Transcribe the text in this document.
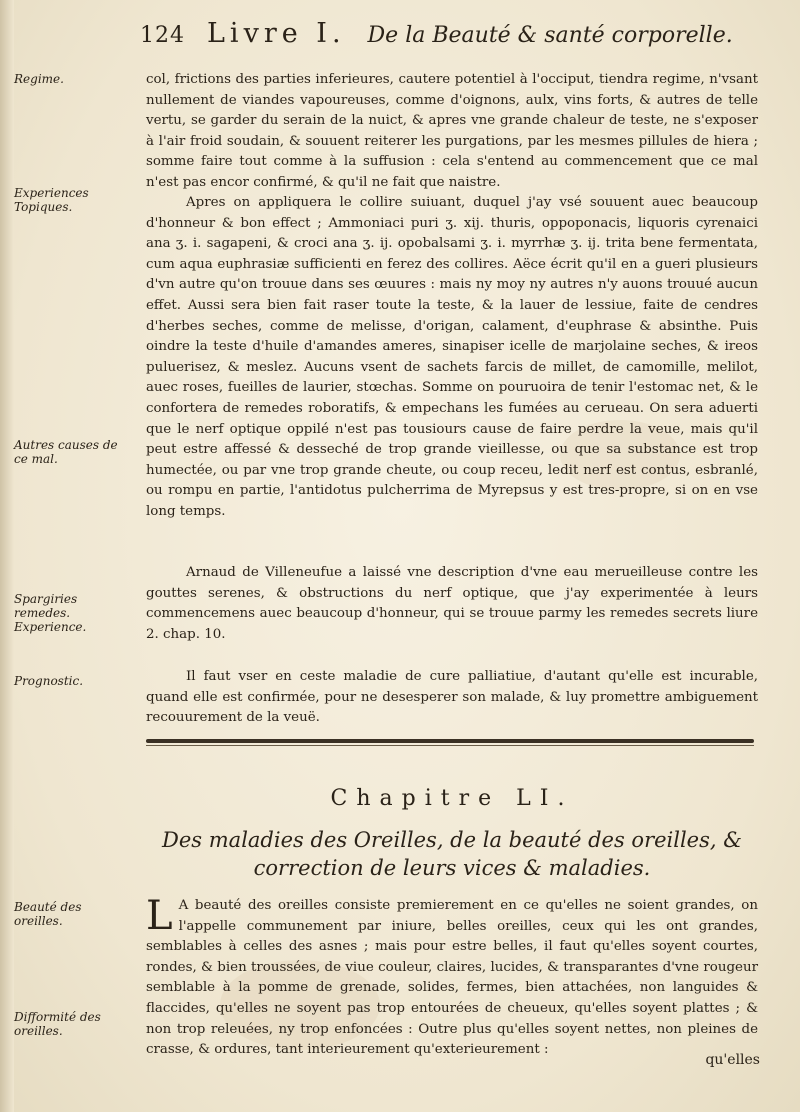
124 Livre I. De la Beauté & santé corporelle.
Regime.
Experiences Topiques.
Autres causes de ce mal.
Spargiries remedes. Experience.
Prognostic.
Beauté des oreilles.
Difformité des oreilles.
col, frictions des parties inferieures, cautere potentiel à l'occiput, tiendra regime, n'vsant nullement de viandes vapoureuses, comme d'oignons, aulx, vins forts, & autres de telle vertu, se garder du serain de la nuict, & apres vne grande chaleur de teste, ne s'exposer à l'air froid soudain, & souuent reiterer les purgations, par les mesmes pillules de hiera ; somme faire tout comme à la suffusion : cela s'entend au commencement que ce mal n'est pas encor confirmé, & qu'il ne fait que naistre.
Apres on appliquera le collire suiuant, duquel j'ay vsé souuent auec beaucoup d'honneur & bon effect ; Ammoniaci puri ʒ. xij. thuris, oppoponacis, liquoris cyrenaici ana ʒ. i. sagapeni, & croci ana ʒ. ij. opobalsami ʒ. i. myrrhæ ʒ. ij. trita bene fermentata, cum aqua euphrasiæ sufficienti en ferez des collires. Aëce écrit qu'il en a gueri plusieurs d'vn autre qu'on trouue dans ses œuures : mais ny moy ny autres n'y auons trouué aucun effet. Aussi sera bien fait raser toute la teste, & la lauer de lessiue, faite de cendres d'herbes seches, comme de melisse, d'origan, calament, d'euphrase & absinthe. Puis oindre la teste d'huile d'amandes ameres, sinapiser icelle de marjolaine seches, & ireos puluerisez, & meslez. Aucuns vsent de sachets farcis de millet, de camomille, melilot, auec roses, fueilles de laurier, stœchas. Somme on pouruoira de tenir l'estomac net, & le confortera de remedes roboratifs, & empechans les fumées au cerueau. On sera aduerti que le nerf optique oppilé n'est pas tousiours cause de faire perdre la veue, mais qu'il peut estre affessé & desseché de trop grande vieillesse, ou que sa substance est trop humectée, ou par vne trop grande cheute, ou coup receu, ledit nerf est contus, esbranlé, ou rompu en partie, l'antidotus pulcherrima de Myrepsus y est tres-propre, si on en vse long temps.
Arnaud de Villeneufue a laissé vne description d'vne eau merueilleuse contre les gouttes serenes, & obstructions du nerf optique, que j'ay experimentée à leurs commencemens auec beaucoup d'honneur, qui se trouue parmy les remedes secrets liure 2. chap. 10.
Il faut vser en ceste maladie de cure palliatiue, d'autant qu'elle est incurable, quand elle est confirmée, pour ne desesperer son malade, & luy promettre ambiguement recouurement de la veuë.
Chapitre LI.
Des maladies des Oreilles, de la beauté des oreilles, & correction de leurs vices & maladies.
L A beauté des oreilles consiste premierement en ce qu'elles ne soient grandes, on l'appelle communement par iniure, belles oreilles, ceux qui les ont grandes, semblables à celles des asnes ; mais pour estre belles, il faut qu'elles soyent courtes, rondes, & bien troussées, de viue couleur, claires, lucides, & transparantes d'vne rougeur semblable à la pomme de grenade, solides, fermes, bien attachées, non languides & flaccides, qu'elles ne soyent pas trop entourées de cheueux, qu'elles soyent plattes ; & non trop releuées, ny trop enfoncées : Outre plus qu'elles soyent nettes, non pleines de crasse, & ordures, tant interieurement qu'exterieurement :
qu'elles
